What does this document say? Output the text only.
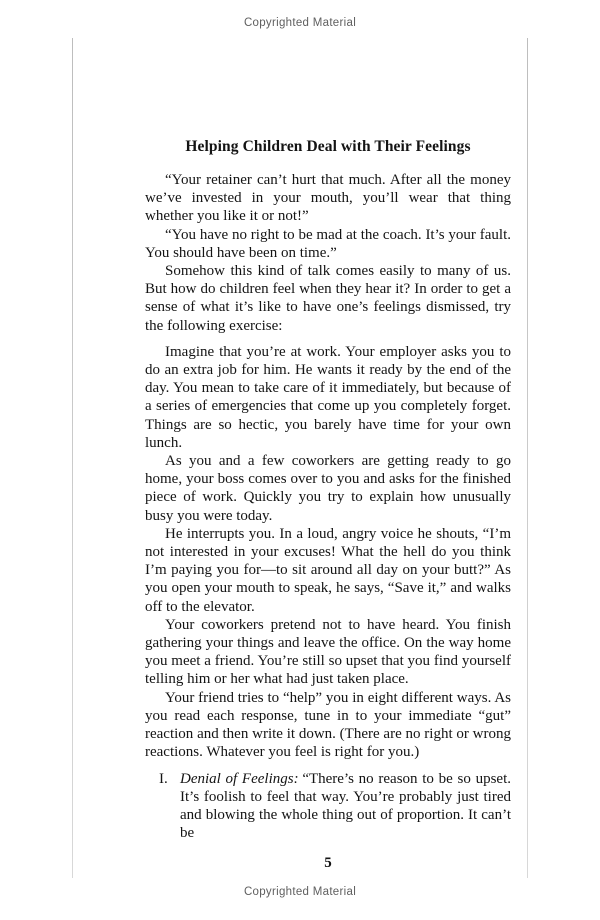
Copyrighted Material
Helping Children Deal with Their Feelings

“Your retainer can’t hurt that much. After all the money we’ve invested in your mouth, you’ll wear that thing whether you like it or not!”

“You have no right to be mad at the coach. It’s your fault. You should have been on time.”

Somehow this kind of talk comes easily to many of us. But how do children feel when they hear it? In order to get a sense of what it’s like to have one’s feelings dismissed, try the following exercise:

Imagine that you’re at work. Your employer asks you to do an extra job for him. He wants it ready by the end of the day. You mean to take care of it immediately, but because of a series of emergencies that come up you completely forget. Things are so hectic, you barely have time for your own lunch.

As you and a few coworkers are getting ready to go home, your boss comes over to you and asks for the finished piece of work. Quickly you try to explain how unusually busy you were today.

He interrupts you. In a loud, angry voice he shouts, “I’m not interested in your excuses! What the hell do you think I’m paying you for—to sit around all day on your butt?” As you open your mouth to speak, he says, “Save it,” and walks off to the elevator.

Your coworkers pretend not to have heard. You finish gathering your things and leave the office. On the way home you meet a friend. You’re still so upset that you find yourself telling him or her what had just taken place.

Your friend tries to “help” you in eight different ways. As you read each response, tune in to your immediate “gut” reaction and then write it down. (There are no right or wrong reactions. Whatever you feel is right for you.)

I. Denial of Feelings: “There’s no reason to be so upset. It’s foolish to feel that way. You’re probably just tired and blowing the whole thing out of proportion. It can’t be
5
Copyrighted Material
